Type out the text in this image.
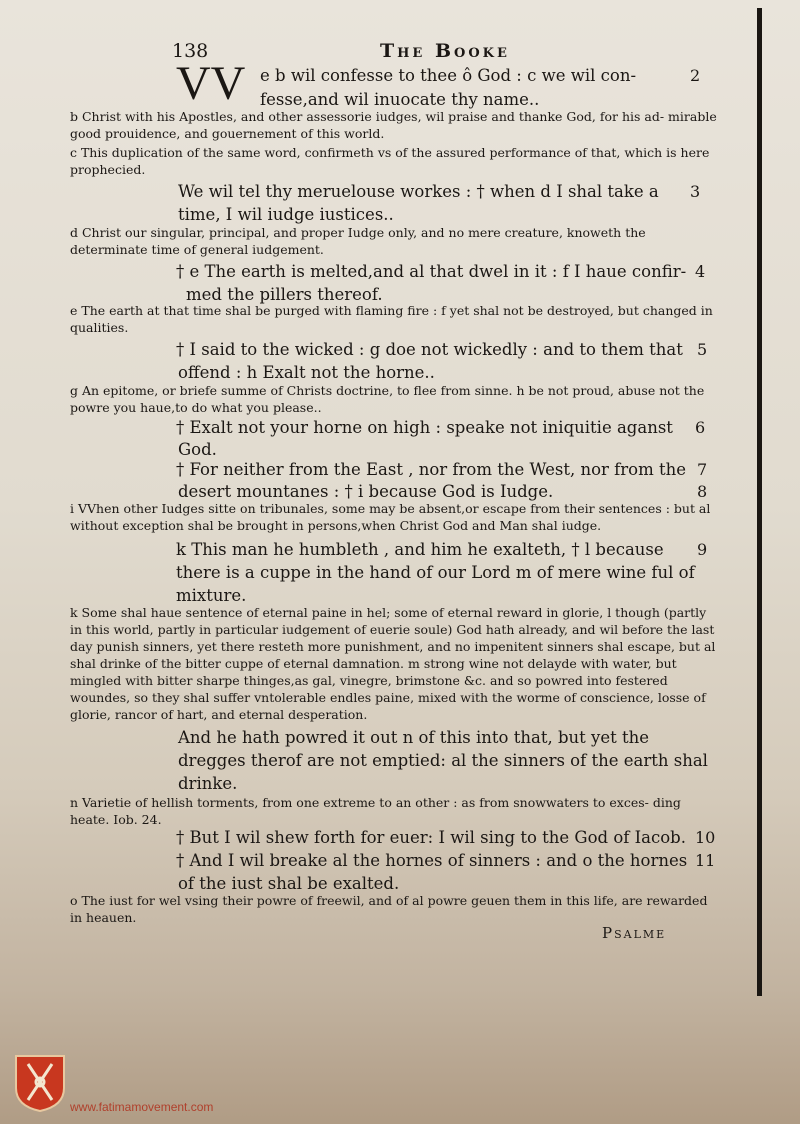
138	The Booke
VV e b wil confesse to thee ô God : c we wil con- fesse,and wil inuocate thy name..
2
b Christ with his Apostles, and other assessorie iudges, wil praise and thanke God, for his ad- mirable good prouidence, and gouernement of this world.
c This duplication of the same word, confirmeth vs of the assured performance of that, which is here prophecied.
We wil tel thy meruelouse workes : † when d I shal take a
time, I wil iudge iustices..
3
d Christ our singular, principal, and proper Iudge only, and no mere creature, knoweth the determinate time of general iudgement.
† e The earth is melted,and al that dwel in it : f I haue confir-
med the pillers thereof.
4
e The earth at that time shal be purged with flaming fire : f yet shal not be destroyed, but changed in qualities.
† I said to the wicked : g doe not wickedly : and to them that
offend : h Exalt not the horne..
5
g An epitome, or briefe summe of Christs doctrine, to flee from sinne. h be not proud, abuse not the powre you haue,to do what you please..
† Exalt not your horne on high : speake not iniquitie aganst
God.
6
† For neither from the East , nor from the West, nor from the
desert mountanes : † i because God is Iudge.
7
8
i VVhen other Iudges sitte on tribunales, some may be absent,or escape from their sentences : but al without exception shal be brought in persons,when Christ God and Man shal iudge.
k This man he humbleth , and him he exalteth, † l because
there is a cuppe in the hand of our Lord m of mere wine ful of
mixture.
9
k Some shal haue sentence of eternal paine in hel; some of eternal reward in glorie, l though (partly in this world, partly in particular iudgement of euerie soule) God hath already, and wil before the last day punish sinners, yet there resteth more punishment, and no impenitent sinners shal escape, but al shal drinke of the bitter cuppe of eternal damnation. m strong wine not delayde with water, but mingled with bitter sharpe thinges,as gal, vinegre, brimstone &c. and so powred into festered woundes, so they shal suffer vntolerable endles paine, mixed with the worme of conscience, losse of glorie, rancor of hart, and eternal desperation.
And he hath powred it out n of this into that, but yet the
dregges therof are not emptied: al the sinners of the earth shal
drinke.
n Varietie of hellish torments, from one extreme to an other : as from snowwaters to exces- ding heate. Iob. 24.
† But I wil shew forth for euer: I wil sing to the God of Iacob. 10
† And I wil breake al the hornes of sinners : and o the hornes
of the iust shal be exalted.
11
o The iust for wel vsing their powre of freewil, and of al powre geuen them in this life, are rewarded in heauen.
Psalme
www.fatimamovement.com
